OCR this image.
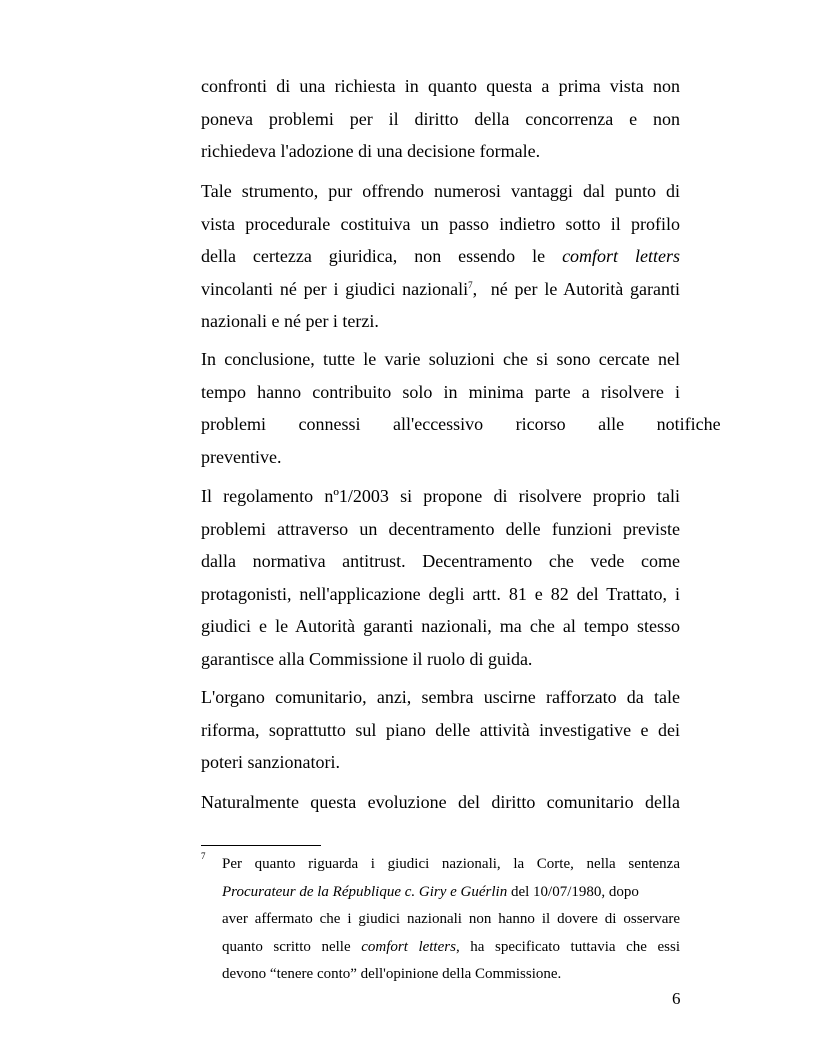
confronti di una richiesta in quanto questa a prima vista non
poneva problemi per il diritto della concorrenza e non
richiedeva l'adozione di una decisione formale.
Tale strumento, pur offrendo numerosi vantaggi dal punto di
vista procedurale costituiva un passo indietro sotto il profilo
della certezza giuridica, non essendo le comfort letters
vincolanti né per i giudici nazionali$^7$,  né per le Autorità garanti
nazionali e né per i terzi.
In conclusione, tutte le varie soluzioni che si sono cercate nel
tempo hanno contribuito solo in minima parte a risolvere i
problemi connessi all'eccessivo ricorso alle notifiche
preventive.
Il regolamento nº1/2003 si propone di risolvere proprio tali
problemi attraverso un decentramento delle funzioni previste
dalla normativa antitrust. Decentramento che vede come
protagonisti, nell'applicazione degli artt. 81 e 82 del Trattato, i
giudici e le Autorità garanti nazionali, ma che al tempo stesso
garantisce alla Commissione il ruolo di guida.
L'organo comunitario, anzi, sembra uscirne rafforzato da tale
riforma, soprattutto sul piano delle attività investigative e dei
poteri sanzionatori.
Naturalmente questa evoluzione del diritto comunitario della
7 Per quanto riguarda i giudici nazionali, la Corte, nella sentenza
Procurateur de la République c. Giry e Guérlin del 10/07/1980, dopo
aver affermato che i giudici nazionali non hanno il dovere di osservare
quanto scritto nelle comfort letters, ha specificato tuttavia che essi
devono “tenere conto” dell'opinione della Commissione.
6
